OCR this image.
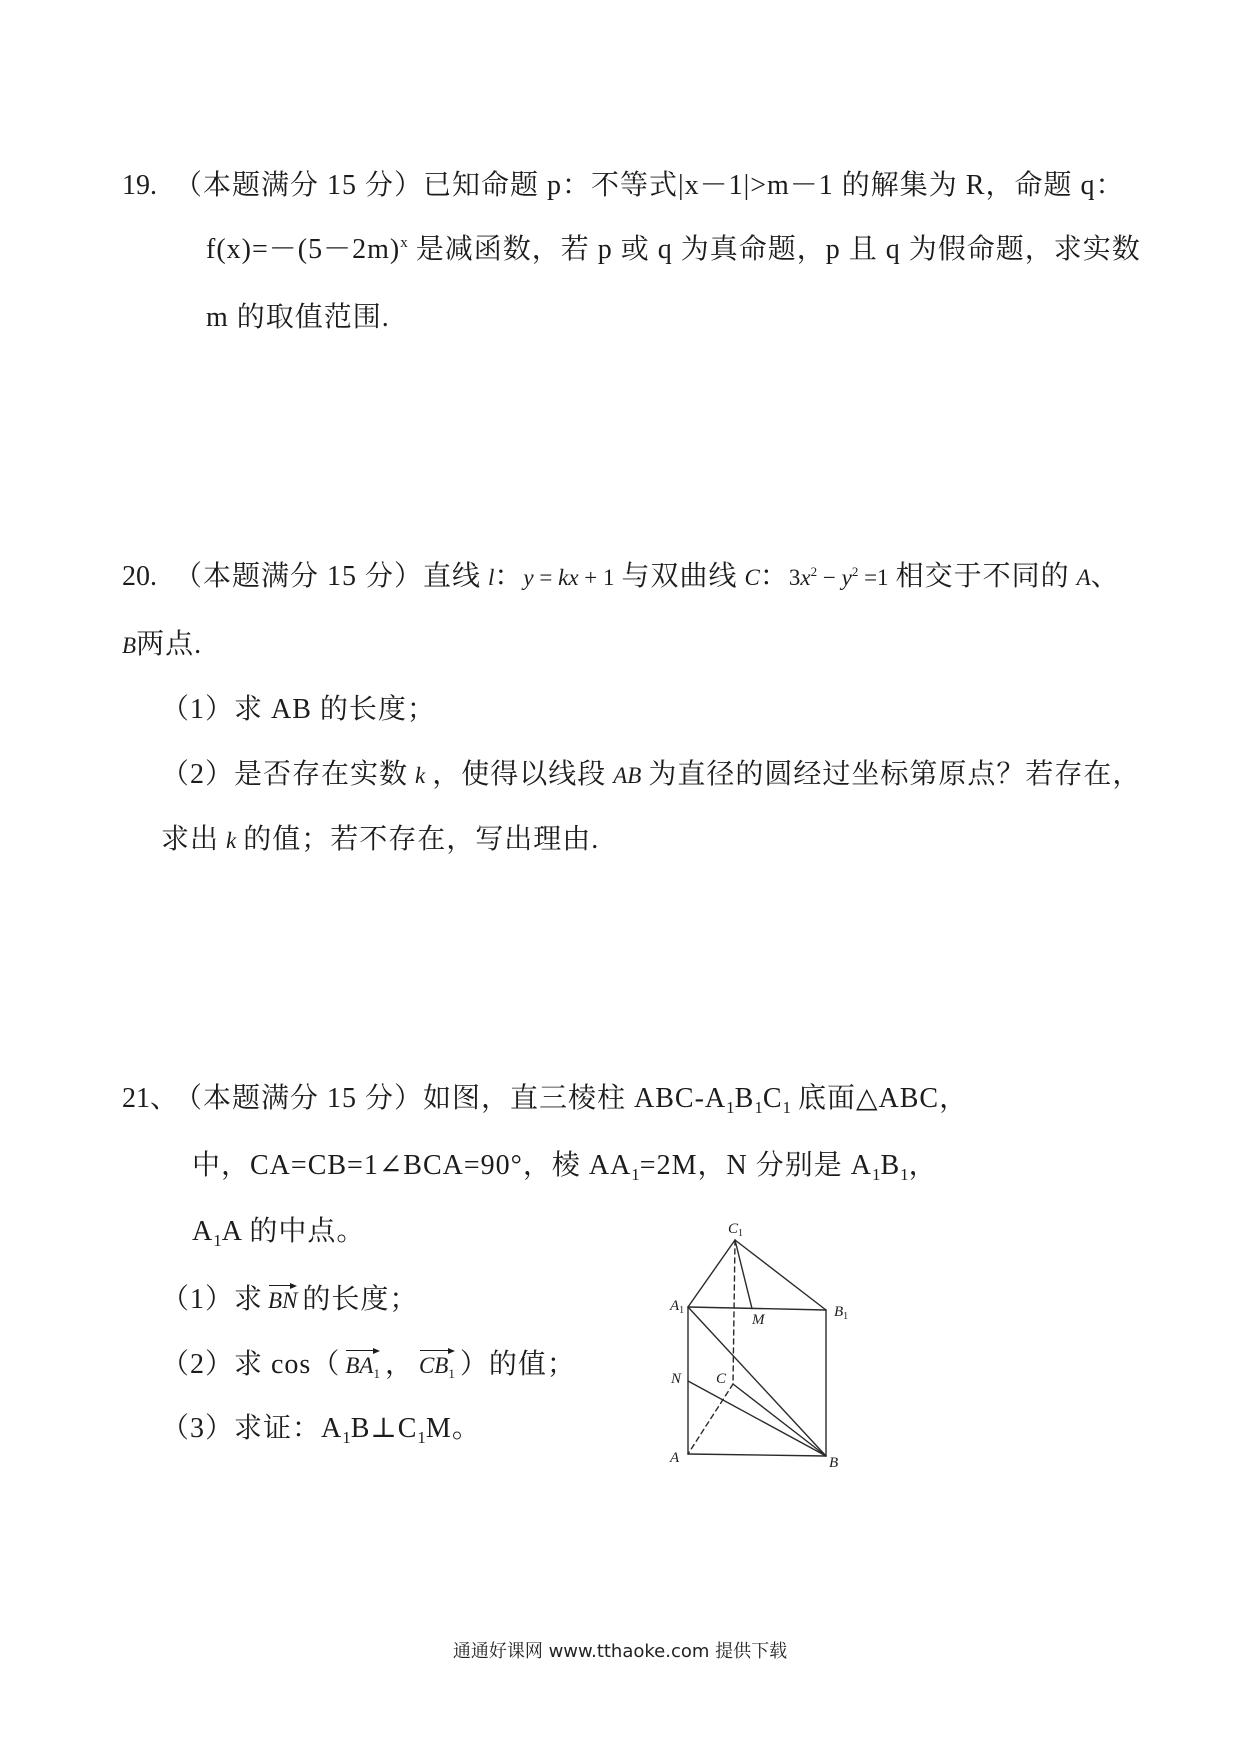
19. （本题满分 15 分）已知命题 p：不等式|x－1|>m－1 的解集为 R，命题 q：
$f(x)=-(5-2m)^x$ 是减函数，若 p 或 q 为真命题，p 且 q 为假命题，求实数
m 的取值范围.
20. （本题满分 15 分）直线 l：y = kx + 1 与双曲线 C：$3x^2 - y^2 =1$ 相交于不同的 A、
B两点.
（1）求 AB 的长度；
（2）是否存在实数 k ，使得以线段 AB 为直径的圆经过坐标第原点？若存在，
求出 k 的值；若不存在，写出理由.
21、（本题满分 15 分）如图，直三棱柱 ABC-$A_1B_1C_1$ 底面△ABC，
中，CA=CB=1∠BCA=90°，棱 $AA_1=2M$，N 分别是 $A_1B_1$，
$A_1A$ 的中点。
（1）求 BN 的长度；
（2）求 cos（ $BA_1$ ， $CB_1$ ）的值；
（3）求证：$A_1B\perp C_1M$。
$C_1$
$A_1$
M	$B_1$
N C
A	B
通通好课网 www.tthaoke.com 提供下载
